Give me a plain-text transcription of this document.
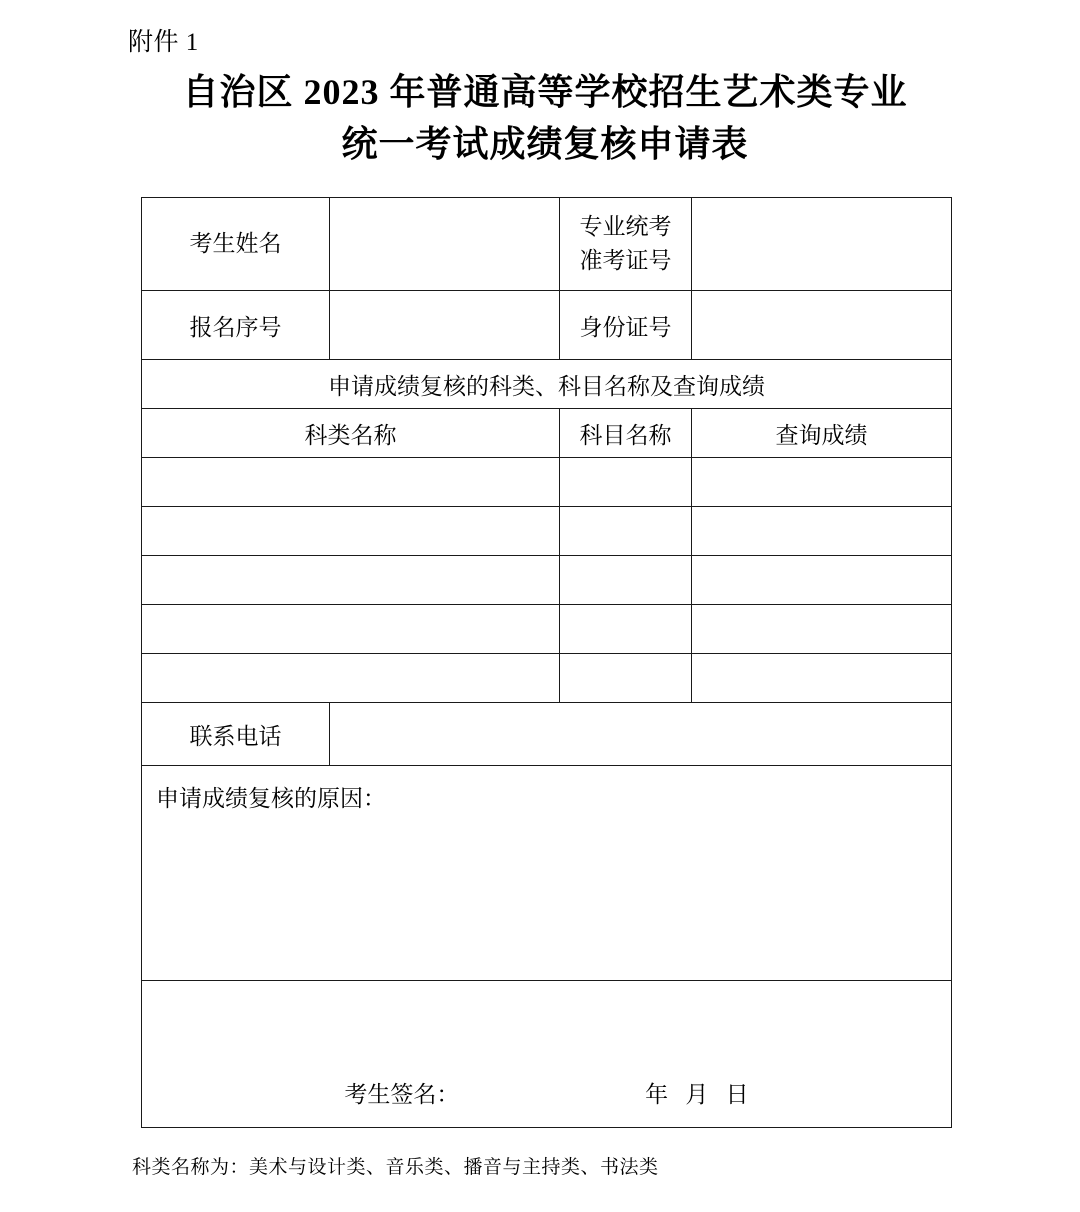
附件 1
自治区 2023 年普通高等学校招生艺术类专业
统一考试成绩复核申请表
考生姓名		专业统考
准考证号	

报名序号		身份证号	
申请成绩复核的科类、科目名称及查询成绩			
科类名称		科目名称	查询成绩

联系电话			
申请成绩复核的原因：			
考生签名： 年   月   日			
科类名称为：美术与设计类、音乐类、播音与主持类、书法类
